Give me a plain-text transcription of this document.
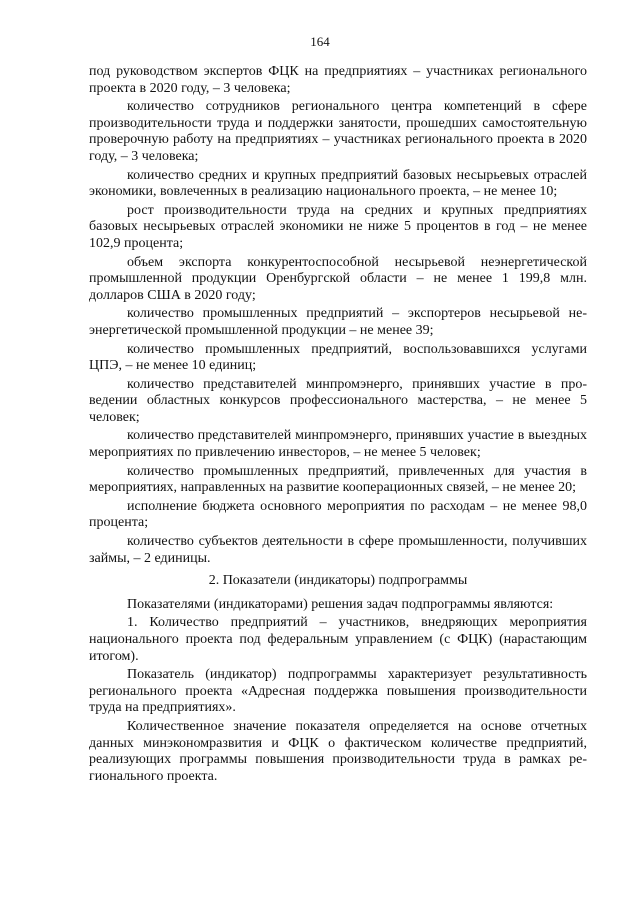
164

под руководством экспертов ФЦК на предприятиях – участниках регионального проекта в 2020 году, – 3 человека;

количество сотрудников регионального центра компетенций в сфере производительности труда и поддержки занятости, прошедших самостоятельную проверочную работу на предприятиях – участниках регионального проекта в 2020 году, – 3 человека;

количество средних и крупных предприятий базовых несырьевых отраслей экономики, вовлеченных в реализацию национального проекта, – не менее 10;

рост производительности труда на средних и крупных предприятиях базовых несырьевых отраслей экономики не ниже 5 процентов в год – не менее 102,9 процента;

объем экспорта конкурентоспособной несырьевой неэнергетической промышленной продукции Оренбургской области – не менее 1 199,8 млн. долларов США в 2020 году;

количество промышленных предприятий – экспортеров несырьевой неэнергетической промышленной продукции – не менее 39;

количество промышленных предприятий, воспользовавшихся услугами ЦПЭ, – не менее 10 единиц;

количество представителей минпромэнерго, принявших участие в проведении областных конкурсов профессионального мастерства, – не менее 5 человек;

количество представителей минпромэнерго, принявших участие в выездных мероприятиях по привлечению инвесторов, – не менее 5 человек;

количество промышленных предприятий, привлеченных для участия в мероприятиях, направленных на развитие кооперационных связей, – не менее 20;

исполнение бюджета основного мероприятия по расходам – не менее 98,0 процента;

количество субъектов деятельности в сфере промышленности, получивших займы, – 2 единицы.

2. Показатели (индикаторы) подпрограммы

Показателями (индикаторами) решения задач подпрограммы являются:

1. Количество предприятий – участников, внедряющих мероприятия национального проекта под федеральным управлением (с ФЦК) (нарастающим итогом).

Показатель (индикатор) подпрограммы характеризует результативность регионального проекта «Адресная поддержка повышения производительности труда на предприятиях».

Количественное значение показателя определяется на основе отчетных данных минэкономразвития и ФЦК о фактическом количестве предприятий, реализующих программы повышения производительности труда в рамках регионального проекта.
